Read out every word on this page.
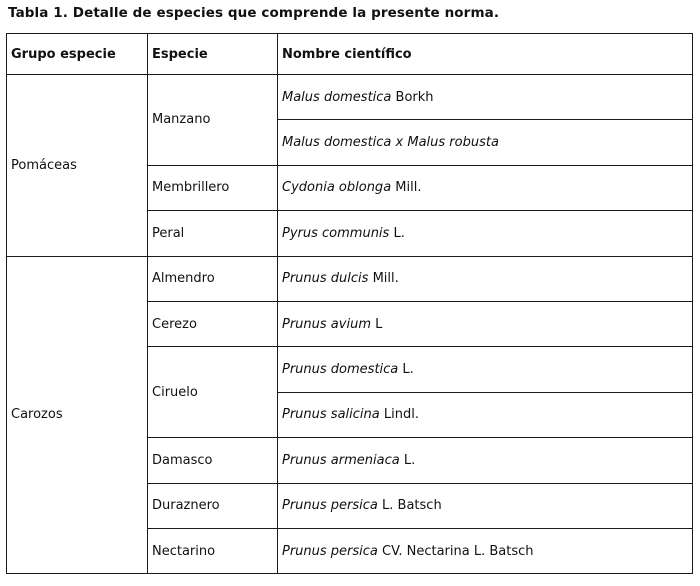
Tabla 1. Detalle de especies que comprende la presente norma.
Grupo especie	Especie	Nombre científico
Pomáceas	Manzano	Malus domestica Borkh
		Malus domestica x Malus robusta
	Membrillero	Cydonia oblonga Mill.
	Peral	Pyrus communis L.
Carozos	Almendro	Prunus dulcis Mill.
	Cerezo	Prunus avium L
	Ciruelo	Prunus domestica L.
		Prunus salicina Lindl.
	Damasco	Prunus armeniaca L.
	Duraznero	Prunus persica L. Batsch
	Nectarino	Prunus persica CV. Nectarina L. Batsch
